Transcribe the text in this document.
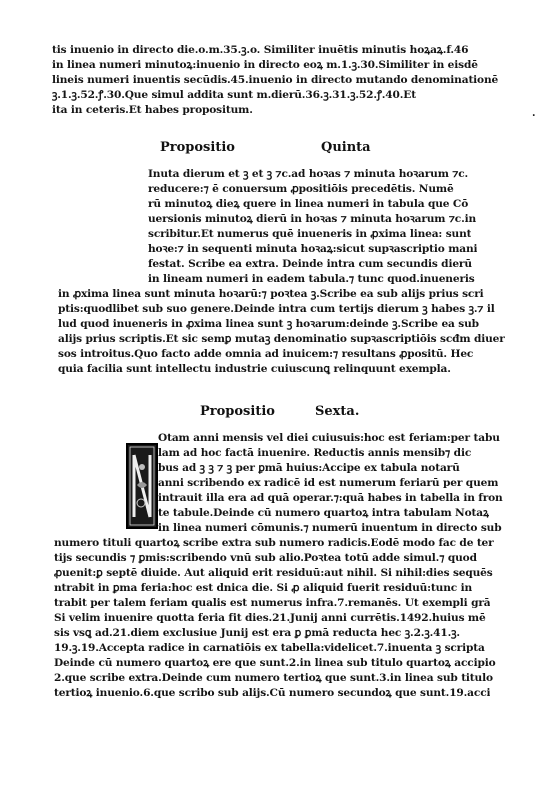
tis inuenio in directo die.o.m.35.ꝫ.o. Similiter inuētis minutis hoꝝaꝝ.f.46
in linea numeri minutoꝝ:inuenio in directo eoꝝ m.1.ꝫ.30.Similiter in eisdē
lineis numeri inuentis secūdis.45.inuenio in directo mutando denominationē
ꝫ.1.ꝫ.52.ꝭ.30.Que simul addita sunt m.dierū.36.ꝫ.31.ꝫ.52.ꝭ.40.Et
ita in ceteris.Et habes propositum.
Propositio	Quinta
Inuta dierum et ꝫ et ꝫ ⁊c.ad hoꝛas ⁊ minuta hoꝛarum ⁊c.
reducere:⁊ ē conuersum ꝓpositiōis precedētis. Numē
rū minutoꝝ dieꝝ quere in linea numeri in tabula que Cō
uersionis minutoꝝ dierū in hoꝛas ⁊ minuta hoꝛarum ⁊c.in
scribitur.Et numerus quē inueneris in ꝓxima linea: sunt
hoꝛe:⁊ in sequenti minuta hoꝛaꝝ:sicut supꝛascriptio mani
festat. Scribe ea extra. Deinde intra cum secundis dierū
in lineam numeri in eadem tabula.⁊ tunc quod.inueneris
in ꝓxima linea sunt minuta hoꝛarū:⁊ poꝛtea ꝫ.Scribe ea sub alijs prius scri
ptis:quodlibet sub suo genere.Deinde intra cum tertijs dierum ꝫ habes ꝫ.⁊ il
lud quod inueneris in ꝓxima linea sunt ꝫ hoꝛarum:deinde ꝫ.Scribe ea sub
alijs prius scriptis.Et sic semꝑ mutaꝫ denominatio supꝛascriptiōis scđm diuer
sos introitus.Quo facto adde omnia ad inuicem:⁊ resultans ꝓpositū. Hec
quia facilia sunt intellectu industrie cuiuscunꝗ relinquunt exempla.
Propositio	Sexta.
Otam anni mensis vel diei cuiusuis:hoc est feriam:per tabu
lam ad hoc factā inuenire. Reductis annis mensib⁊ dic
bus ad ꝫ ꝫ ⁊ ꝫ per ꝑmā huius:Accipe ex tabula notarū
anni scribendo ex radicē id est numerum feriarū per quem
intrauit illa era ad quā operar.⁊:quā habes in tabella in fron
te tabule.Deinde cū numero quartoꝝ intra tabulam Notaꝝ
in linea numeri cōmunis.⁊ numerū inuentum in directo sub
numero tituli quartoꝝ scribe extra sub numero radicis.Eodē modo fac de ter
tijs secundis ⁊ ꝑmis:scribendo vnū sub alio.Poꝛtea totū adde simul.⁊ quod
ꝓuenit:ꝑ septē diuide. Aut aliquid erit residuū:aut nihil. Si nihil:dies sequēs
ntrabit in ꝑma feria:hoc est dnica die. Si ꝓ aliquid fuerit residuū:tunc in
trabit per talem feriam qualis est numerus infra.7.remanēs. Ut exempli grā
Si velim inuenire quotta feria fit dies.21.Junij anni currētis.1492.huius mē
sis vsꝗ ad.21.diem exclusiue Junij est era ꝑ ꝑmā reducta hec ꝫ.2.ꝫ.41.ꝫ.
19.ꝫ.19.Accepta radice in carnatiōis ex tabella:videlicet.7.inuenta ꝫ scripta
Deinde cū numero quartoꝝ ere que sunt.2.in linea sub titulo quartoꝝ accipio
2.que scribe extra.Deinde cum numero tertioꝝ que sunt.3.in linea sub titulo
tertioꝝ inuenio.6.que scribo sub alijs.Cū numero secundoꝝ que sunt.19.acci
.
